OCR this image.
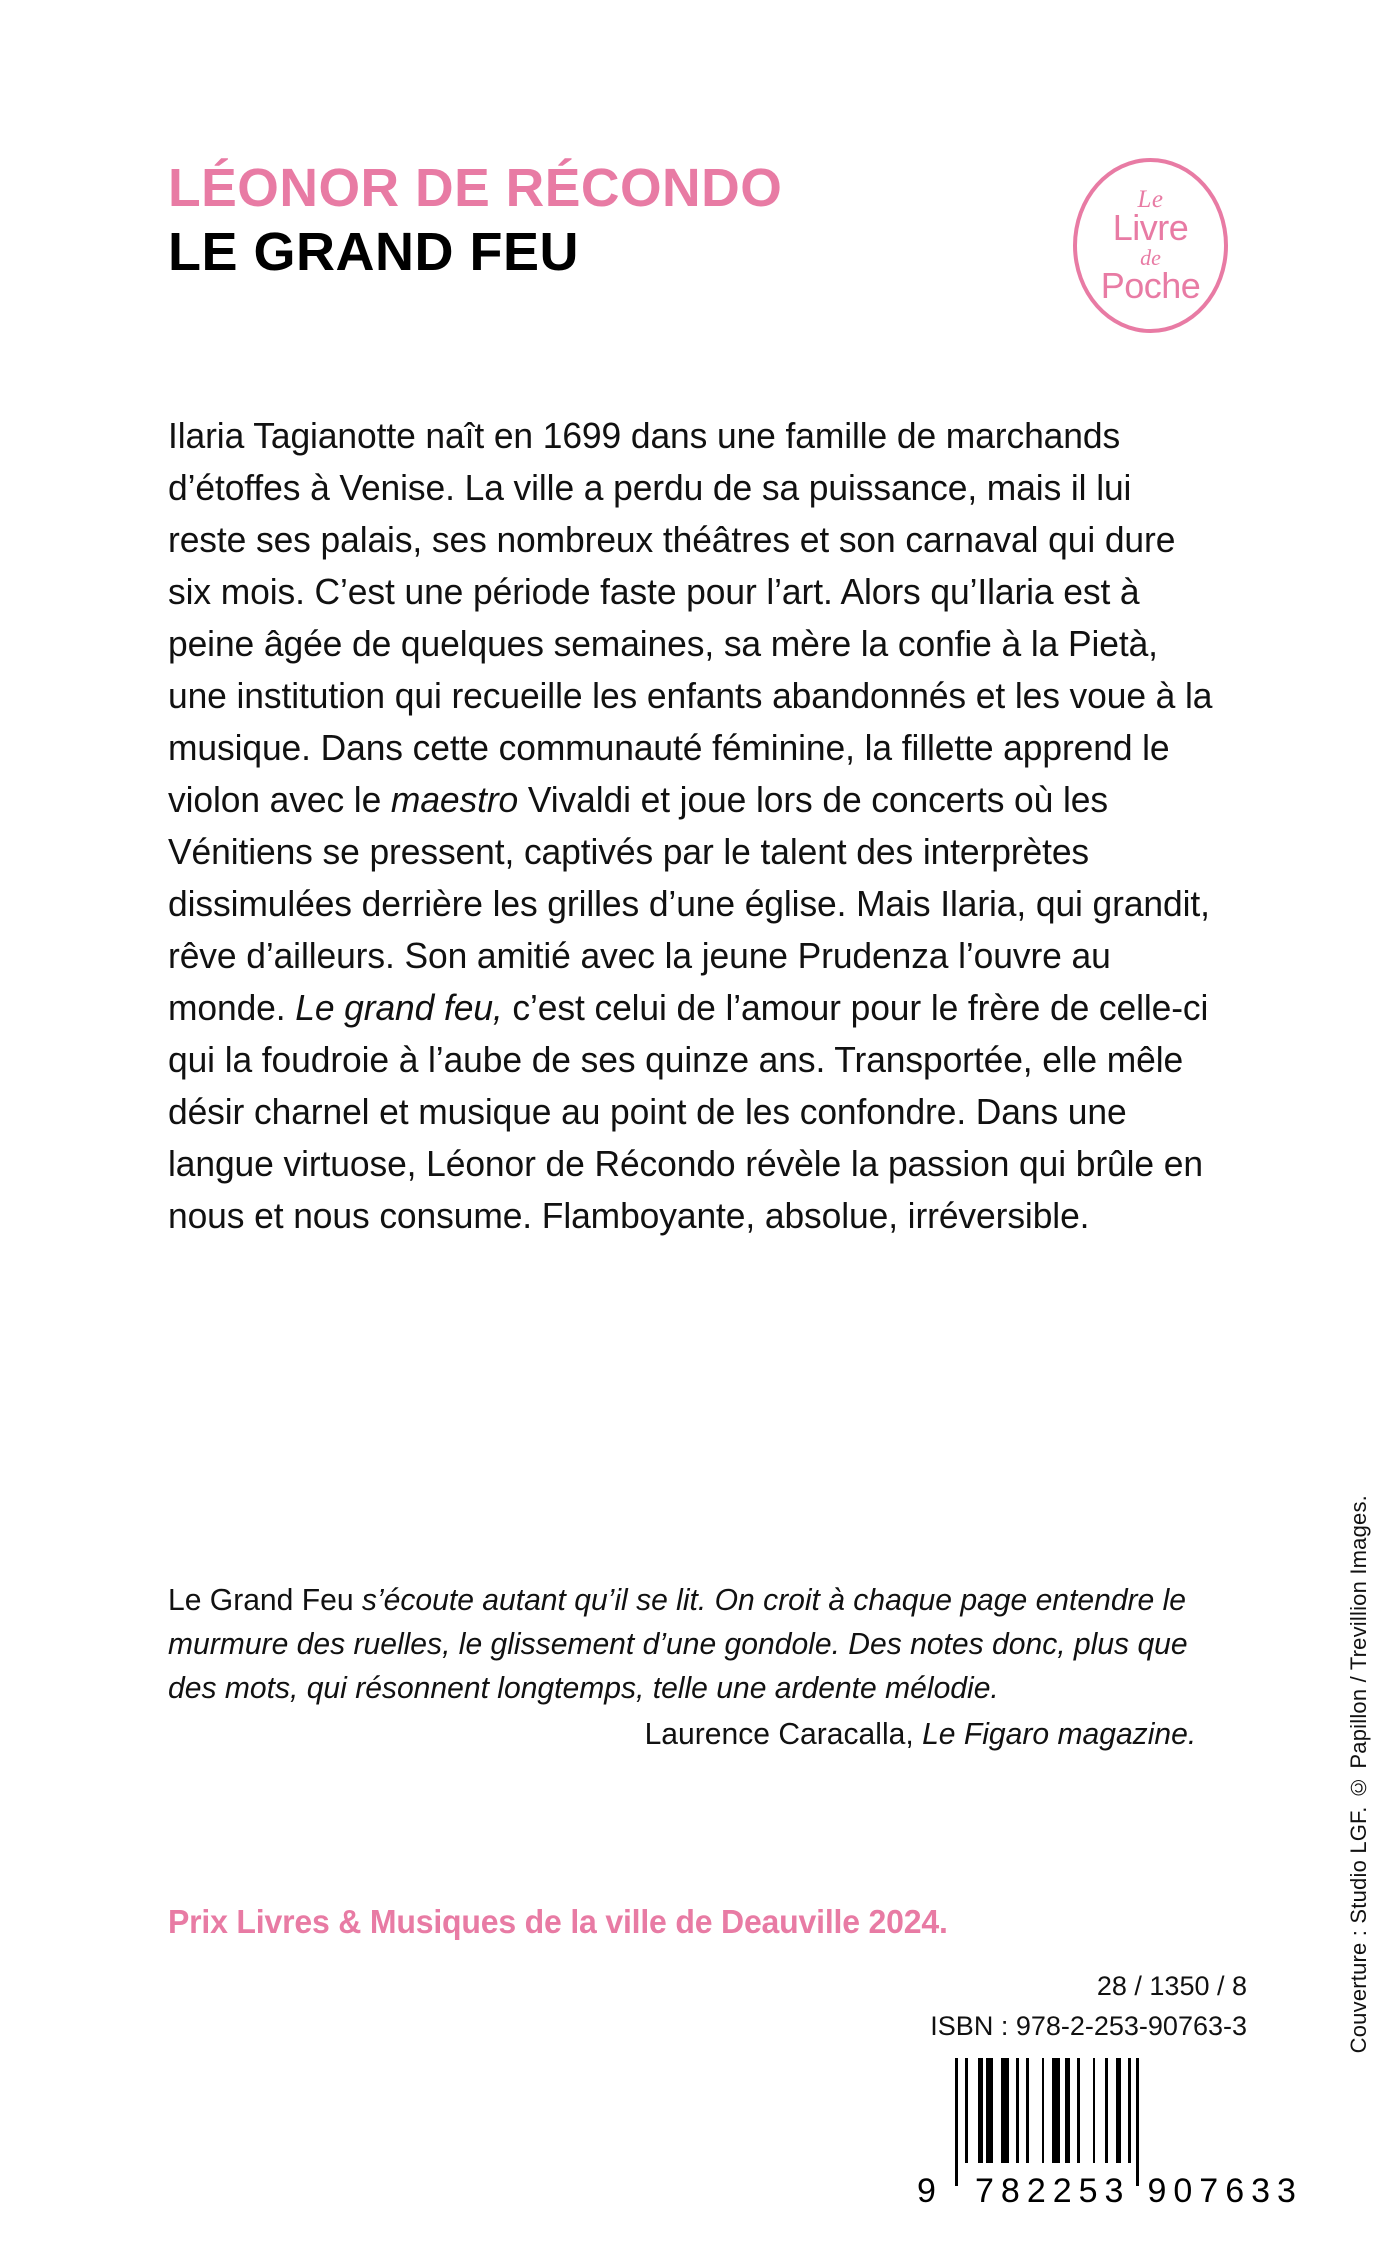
LÉONOR DE RÉCONDO
LE GRAND FEU
Le
Livre
de
Poche
Ilaria Tagianotte naît en 1699 dans une famille de marchands d’étoffes à Venise. La ville a perdu de sa puissance, mais il lui reste ses palais, ses nombreux théâtres et son carnaval qui dure six mois. C’est une période faste pour l’art. Alors qu’Ilaria est à peine âgée de quelques semaines, sa mère la confie à la Pietà, une institution qui recueille les enfants abandonnés et les voue à la musique. Dans cette communauté féminine, la fillette apprend le violon avec le maestro Vivaldi et joue lors de concerts où les Vénitiens se pressent, captivés par le talent des interprètes dissimulées derrière les grilles d’une église. Mais Ilaria, qui grandit, rêve d’ailleurs. Son amitié avec la jeune Prudenza l’ouvre au monde. Le grand feu, c’est celui de l’amour pour le frère de celle-ci qui la foudroie à l’aube de ses quinze ans. Transportée, elle mêle désir charnel et musique au point de les confondre. Dans une langue virtuose, Léonor de Récondo révèle la passion qui brûle en nous et nous consume. Flamboyante, absolue, irréversible.
Le Grand Feu s’écoute autant qu’il se lit. On croit à chaque page entendre le murmure des ruelles, le glissement d’une gondole. Des notes donc, plus que des mots, qui résonnent longtemps, telle une ardente mélodie.
Laurence Caracalla, Le Figaro magazine.
Prix Livres & Musiques de la ville de Deauville 2024.
28 / 1350 / 8
ISBN : 978-2-253-90763-3
9 782253 907633
Couverture : Studio LGF. © Papillon / Trevillion Images.
